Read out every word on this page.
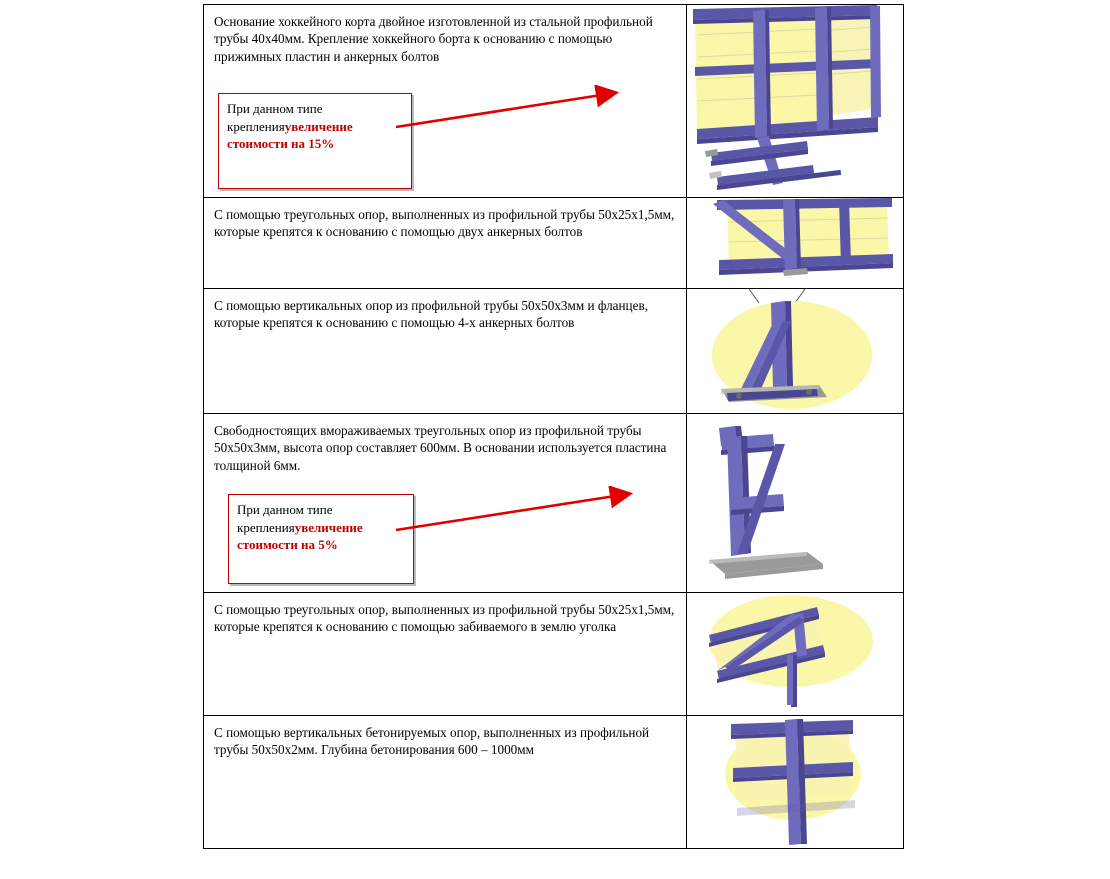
Основание хоккейного корта двойное изготовленной из стальной профильной трубы 40х40мм. Крепление хоккейного борта к основанию с помощью прижимных пластин и анкерных болтов

При данном типе
крепленияувеличение
стоимости на 15%

С помощью треугольных опор, выполненных из профильной трубы 50х25х1,5мм, которые крепятся к основанию с помощью двух анкерных болтов

С помощью вертикальных опор из профильной трубы 50х50х3мм и фланцев, которые крепятся к основанию с помощью 4-х анкерных болтов

Свободностоящих вмораживаемых треугольных опор из профильной трубы 50х50х3мм, высота опор составляет 600мм. В основании используется пластина толщиной 6мм.

При данном типе
крепленияувеличение
стоимости на 5%

С помощью треугольных опор, выполненных из профильной трубы 50х25х1,5мм, которые крепятся к основанию с помощью забиваемого в землю уголка

С помощью вертикальных бетонируемых опор, выполненных из профильной трубы 50х50х2мм. Глубина бетонирования 600 – 1000мм
